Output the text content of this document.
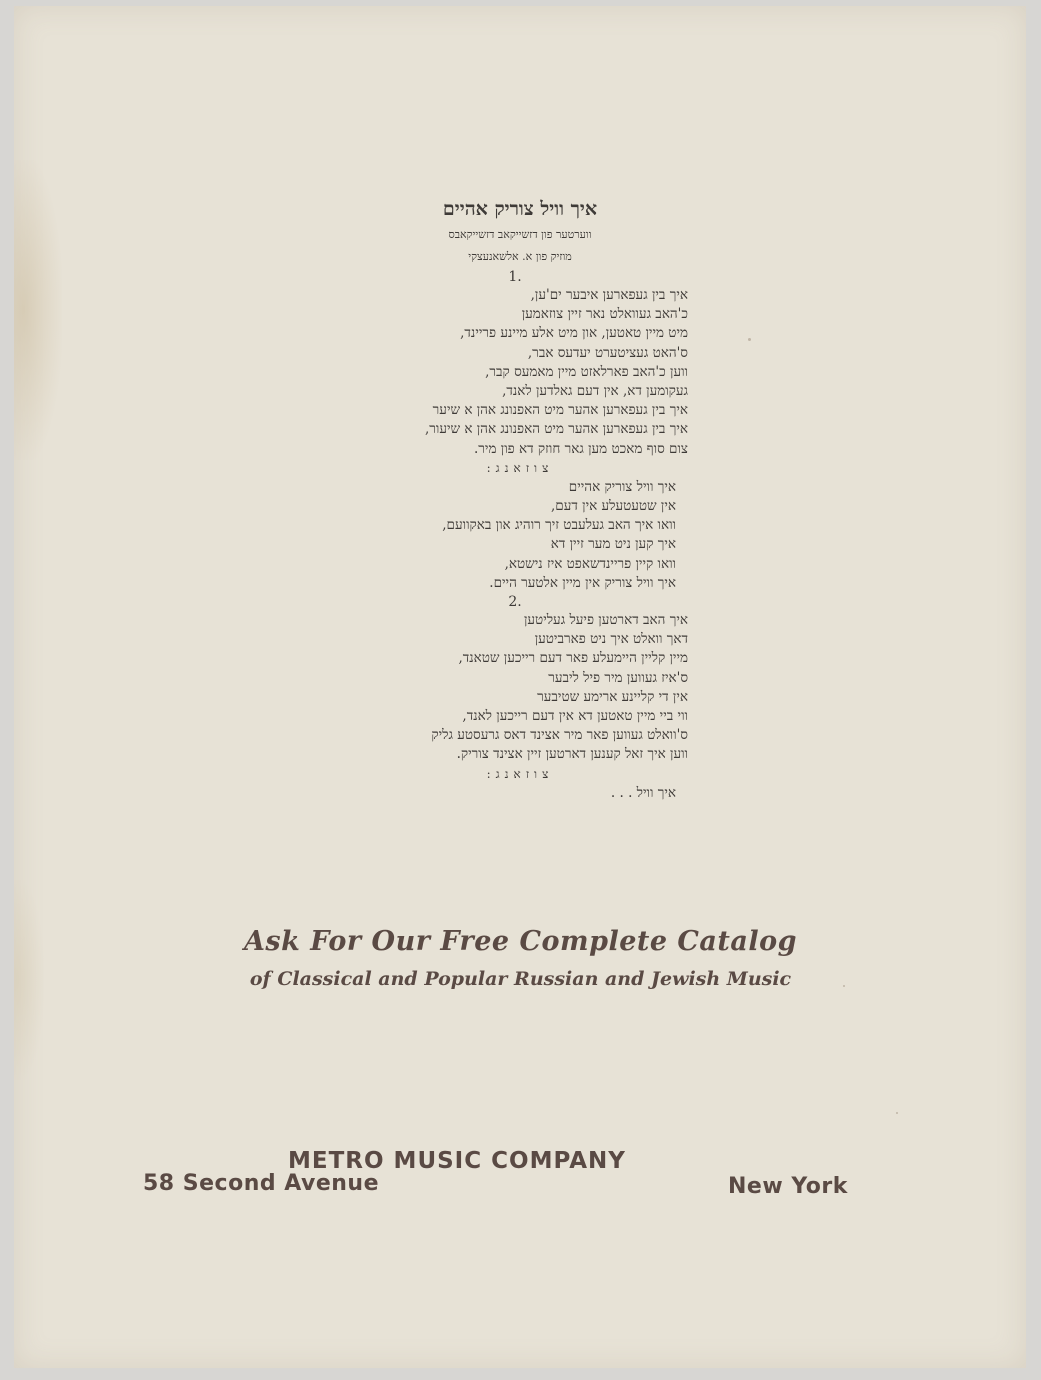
איך וויל צוריק אהיים
ווערטער פון דזשייקאב דזשייקאבס
מוזיק פון א. אלשאנעצקי
1.
איך בין געפארען איבער ים'ען,
כ'האב געוואלט נאר זיין צוזאמען
מיט מיין טאטען, און מיט אלע מיינע פריינד,
ס'האט געציטערט יעדעס אבר,
ווען כ'האב פארלאזט מיין מאמעס קבר,
געקומען דא, אין דעם גאלדען לאנד,
איך בין געפארען אהער מיט האפנונג אהן א שיער
איך בין געפארען אהער מיט האפנונג אהן א שיעור,
צום סוף מאכט מען גאר חוזק דא פון מיר.
צוזאנג:
איך וויל צוריק אהיים
אין שטעטעלע אין דעם,
וואו איך האב געלעבט זיך רוהיג און באקוועם,
איך קען ניט מער זיין דא
וואו קיין פריינדשאפט איז נישטא,
איך וויל צוריק אין מיין אלטער היים.
2.
איך האב דארטען פיעל געליטען
דאך וואלט איך ניט פארביטען
מיין קליין היימעלע פאר דעם רייכען שטאנד,
ס'איז געווען מיר פיל ליבער
אין די קליינע ארימע שטיבער
ווי ביי מיין טאטען דא אין דעם רייכען לאנד,
ס'וואלט געווען פאר מיר אצינד דאס גרעסטע גליק
ווען איך זאל קענען דארטען זיין אצינד צוריק.
צוזאנג:
איך וויל . . .
Ask For Our Free Complete Catalog
of Classical and Popular Russian and Jewish Music
METRO MUSIC COMPANY
58 Second Avenue	New York
